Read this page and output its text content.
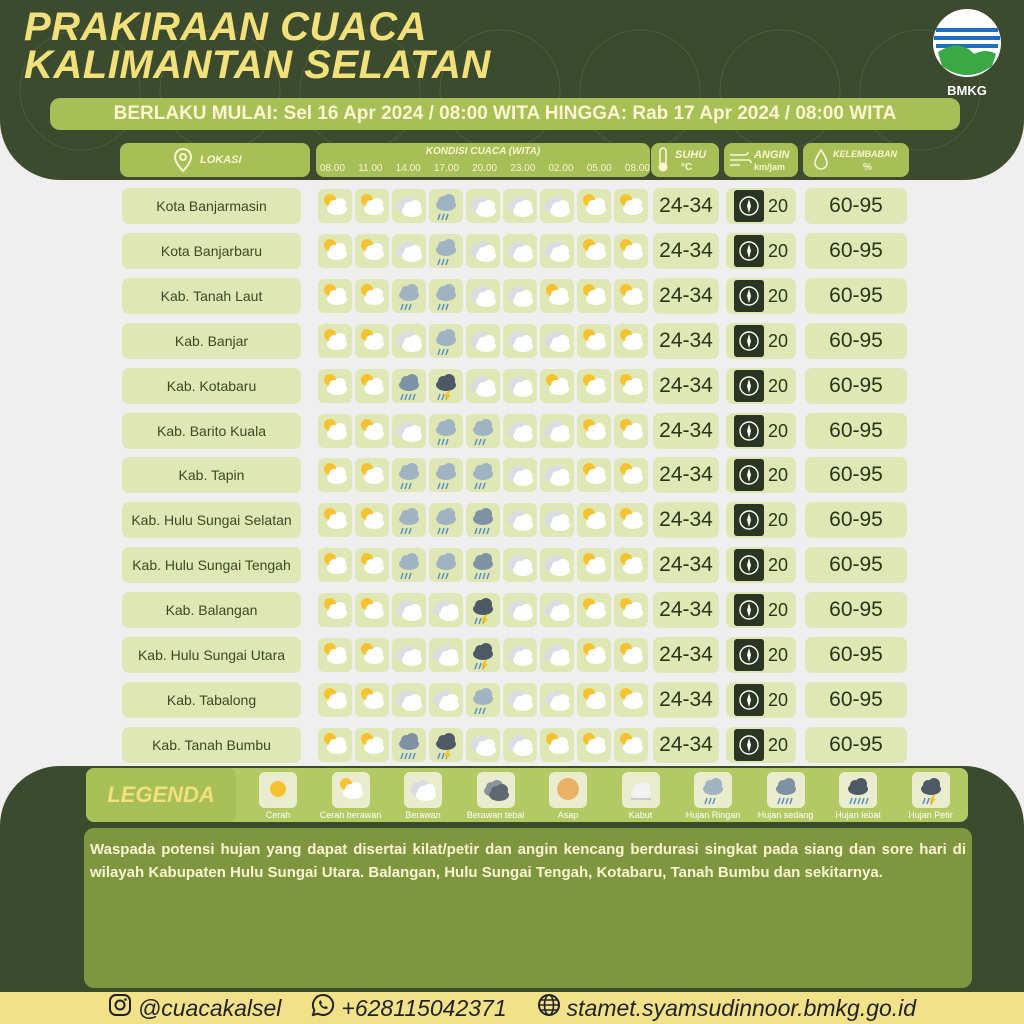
PRAKIRAAN CUACA
KALIMANTAN SELATAN
BMKG
BERLAKU MULAI: Sel 16 Apr 2024 / 08:00 WITA HINGGA: Rab 17 Apr 2024 / 08:00 WITA
LOKASI
KONDISI CUACA (WITA)
08.00 11.00 14.00 17.00 20.00 23.00 02.00 05.00 08.00
SUHU
°C
ANGIN
km/jam
KELEMBABAN
%
Kota Banjarmasin	24-34	20	60-95
Kota Banjarbaru	24-34	20	60-95
Kab. Tanah Laut	24-34	20	60-95
Kab. Banjar	24-34	20	60-95
Kab. Kotabaru	24-34	20	60-95
Kab. Barito Kuala	24-34	20	60-95
Kab. Tapin	24-34	20	60-95
Kab. Hulu Sungai Selatan	24-34	20	60-95
Kab. Hulu Sungai Tengah	24-34	20	60-95
Kab. Balangan	24-34	20	60-95
Kab. Hulu Sungai Utara	24-34	20	60-95
Kab. Tabalong	24-34	20	60-95
Kab. Tanah Bumbu	24-34	20	60-95
Cerah	Cerah berawan	Berawan	Berawan tebal	Asap	Kabut	Hujan Ringan	Hujan sedang	Hujan lebat	Hujan Petir
LEGENDA
Waspada potensi hujan yang dapat disertai kilat/petir dan angin kencang berdurasi singkat pada siang dan sore hari di wilayah Kabupaten Hulu Sungai Utara. Balangan, Hulu Sungai Tengah, Kotabaru, Tanah Bumbu dan sekitarnya.
@cuacakalsel	+628115042371	stamet.syamsudinnoor.bmkg.go.id
